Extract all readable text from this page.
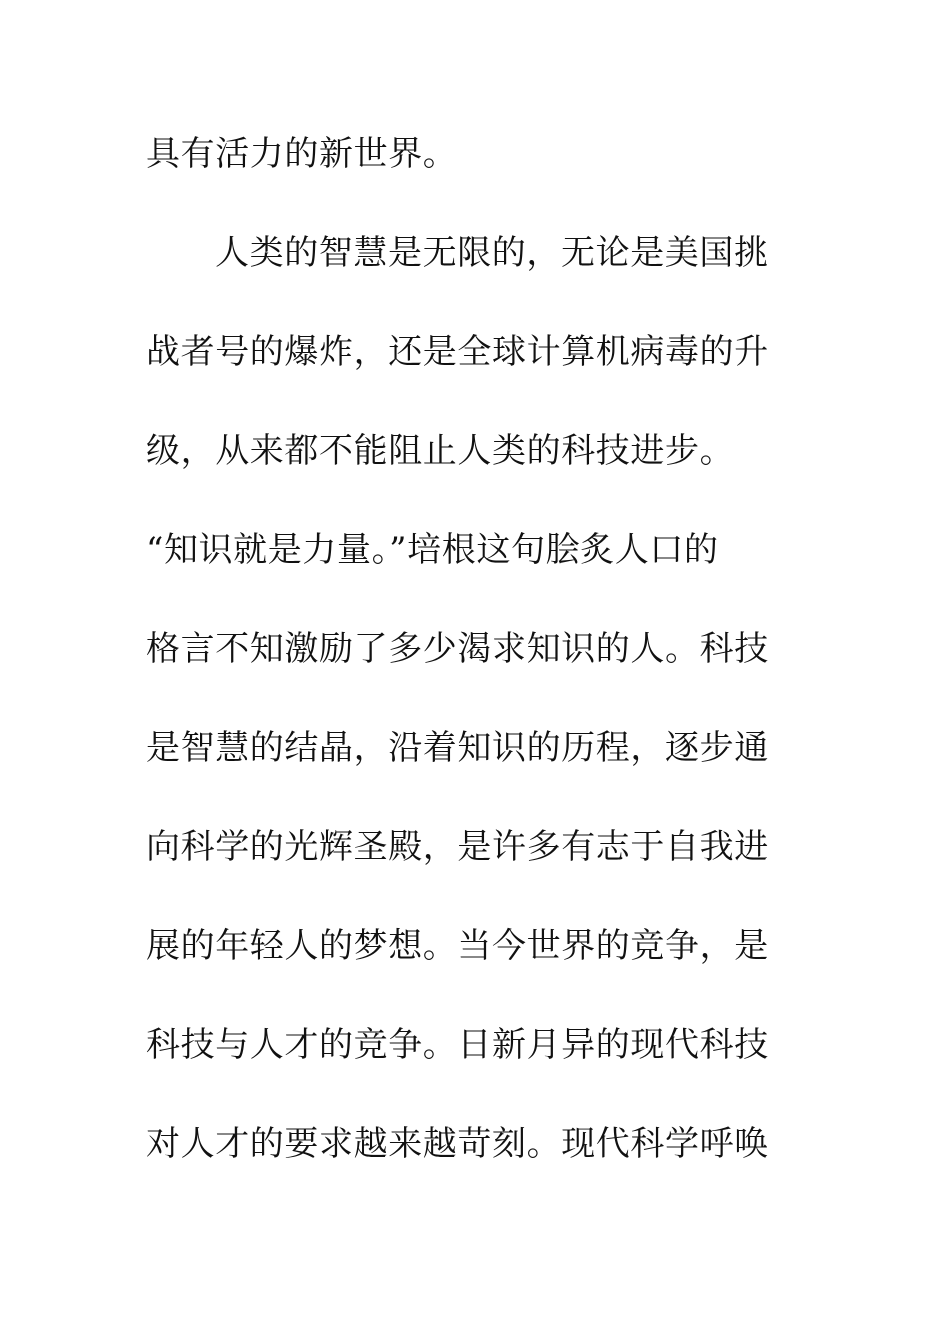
具有活力的新世界。
人类的智慧是无限的，无论是美国挑
战者号的爆炸，还是全球计算机病毒的升
级，从来都不能阻止人类的科技进步。
“知识就是力量。”培根这句脍炙人口的
格言不知激励了多少渴求知识的人。科技
是智慧的结晶，沿着知识的历程，逐步通
向科学的光辉圣殿，是许多有志于自我进
展的年轻人的梦想。当今世界的竞争，是
科技与人才的竞争。日新月异的现代科技
对人才的要求越来越苛刻。现代科学呼唤
